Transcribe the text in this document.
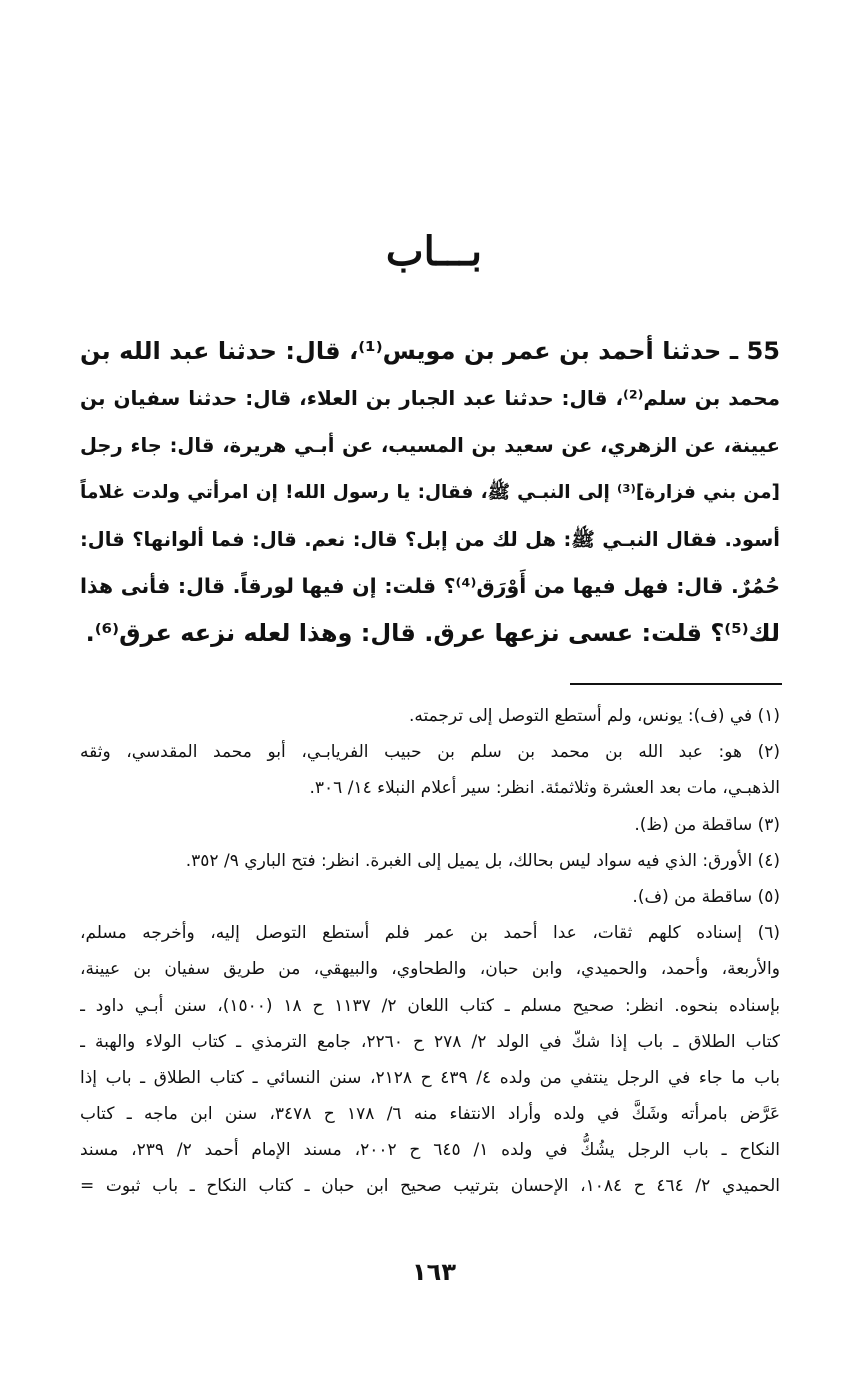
بـــاب
55 ـ حدثنا أحمد بن عمر بن مويس⁽¹⁾، قال: حدثنا عبد الله بن
محمد بن سلم⁽²⁾، قال: حدثنا عبد الجبار بن العلاء، قال: حدثنا سفيان بن
عيينة، عن الزهري، عن سعيد بن المسيب، عن أبـي هريرة، قال: جاء رجل
[من بني فزارة]⁽³⁾ إلى النبـي ﷺ، فقال: يا رسول الله! إن امرأتي ولدت غلاماً
أسود. فقال النبـي ﷺ: هل لك من إبل؟ قال: نعم. قال: فما ألوانها؟ قال:
حُمُرٌ. قال: فهل فيها من أَوْرَق⁽⁴⁾؟ قلت: إن فيها لورقاً. قال: فأنى هذا
لك⁽⁵⁾؟ قلت: عسى نزعها عرق. قال: وهذا لعله نزعه عرق⁽⁶⁾.
(١) في (ف): يونس، ولم أستطع التوصل إلى ترجمته.
(٢) هو: عبد الله بن محمد بن سلم بن حبيب الفريابـي، أبو محمد المقدسي، وثقه
الذهبـي، مات بعد العشرة وثلاثمئة. انظر: سير أعلام النبلاء ١٤/ ٣٠٦.
(٣) ساقطة من (ظ).
(٤) الأورق: الذي فيه سواد ليس بحالك، بل يميل إلى الغبرة. انظر: فتح الباري ٩/ ٣٥٢.
(٥) ساقطة من (ف).
(٦) إسناده كلهم ثقات، عدا أحمد بن عمر فلم أستطع التوصل إليه، وأخرجه مسلم،
والأربعة، وأحمد، والحميدي، وابن حبان، والطحاوي، والبيهقي، من طريق سفيان بن عيينة،
بإسناده بنحوه. انظر: صحيح مسلم ـ كتاب اللعان ٢/ ١١٣٧ ح ١٨ (١٥٠٠)، سنن أبـي داود ـ
كتاب الطلاق ـ باب إذا شكّ في الولد ٢/ ٢٧٨ ح ٢٢٦٠، جامع الترمذي ـ كتاب الولاء والهبة ـ
باب ما جاء في الرجل ينتفي من ولده ٤/ ٤٣٩ ح ٢١٢٨، سنن النسائي ـ كتاب الطلاق ـ باب إذا
عَرَّض بامرأته وشَكَّ في ولده وأراد الانتفاء منه ٦/ ١٧٨ ح ٣٤٧٨، سنن ابن ماجه ـ كتاب
النكاح ـ باب الرجل يشُكُّ في ولده ١/ ٦٤٥ ح ٢٠٠٢، مسند الإمام أحمد ٢/ ٢٣٩، مسند
الحميدي ٢/ ٤٦٤ ح ١٠٨٤، الإحسان بترتيب صحيح ابن حبان ـ كتاب النكاح ـ باب ثبوت =
١٦٣
